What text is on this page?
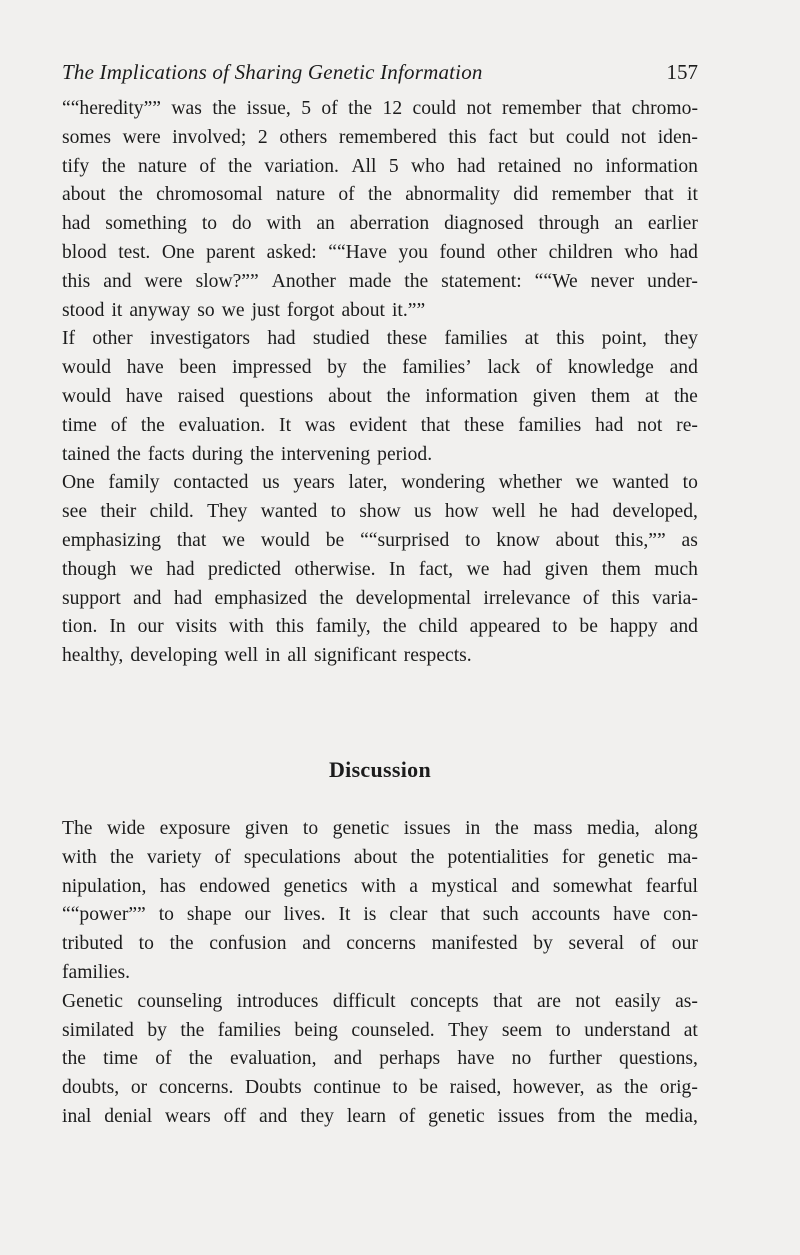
The Implications of Sharing Genetic Information	157
““heredity”” was the issue, 5 of the 12 could not remember that chromo-
somes were involved; 2 others remembered this fact but could not iden-
tify the nature of the variation. All 5 who had retained no information
about the chromosomal nature of the abnormality did remember that it
had something to do with an aberration diagnosed through an earlier
blood test. One parent asked: ““Have you found other children who had
this and were slow?”” Another made the statement: ““We never under-
stood it anyway so we just forgot about it.””
If other investigators had studied these families at this point, they
would have been impressed by the families’ lack of knowledge and
would have raised questions about the information given them at the
time of the evaluation. It was evident that these families had not re-
tained the facts during the intervening period.
One family contacted us years later, wondering whether we wanted to
see their child. They wanted to show us how well he had developed,
emphasizing that we would be ““surprised to know about this,”” as
though we had predicted otherwise. In fact, we had given them much
support and had emphasized the developmental irrelevance of this varia-
tion. In our visits with this family, the child appeared to be happy and
healthy, developing well in all significant respects.
Discussion
The wide exposure given to genetic issues in the mass media, along
with the variety of speculations about the potentialities for genetic ma-
nipulation, has endowed genetics with a mystical and somewhat fearful
““power”” to shape our lives. It is clear that such accounts have con-
tributed to the confusion and concerns manifested by several of our
families.
Genetic counseling introduces difficult concepts that are not easily as-
similated by the families being counseled. They seem to understand at
the time of the evaluation, and perhaps have no further questions,
doubts, or concerns. Doubts continue to be raised, however, as the orig-
inal denial wears off and they learn of genetic issues from the media,
